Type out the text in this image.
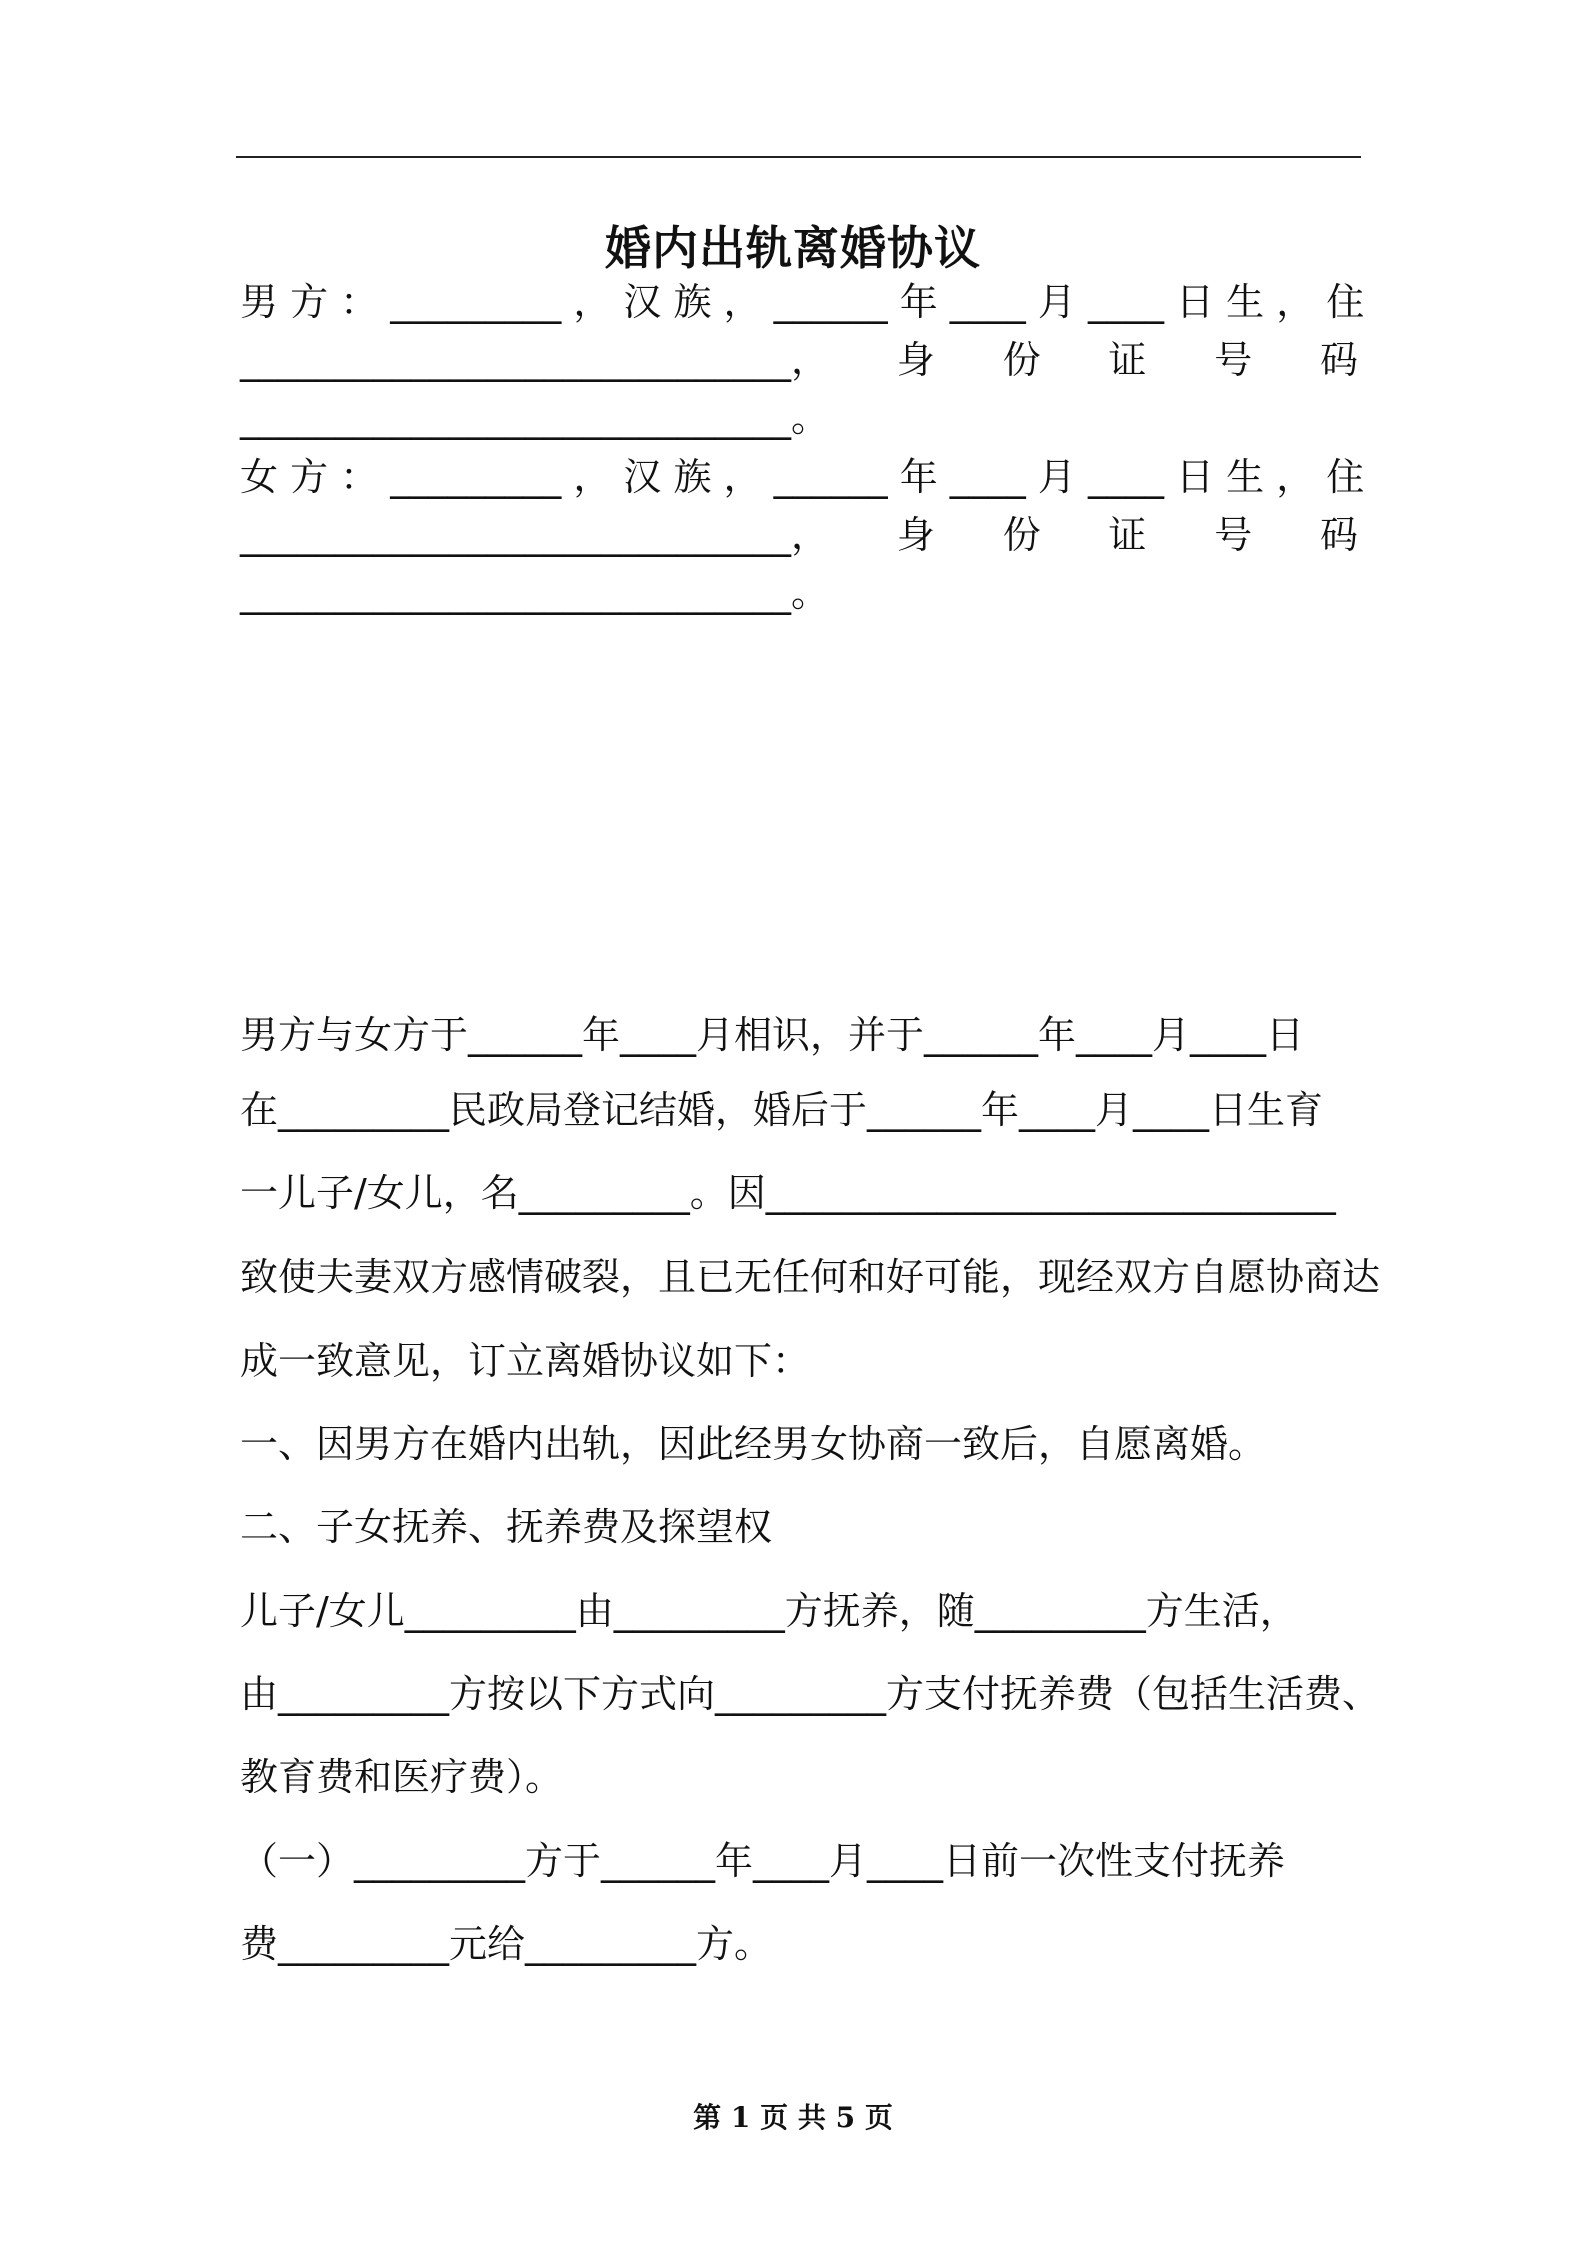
婚内出轨离婚协议
男 方 ： _________ ， 汉 族 ， ______ 年 ____ 月 ____ 日 生 ， 住
_____________________________， 身 份 证 号 码
_____________________________。
女 方 ： _________ ， 汉 族 ， ______ 年 ____ 月 ____ 日 生 ， 住
_____________________________， 身 份 证 号 码
_____________________________。
男方与女方于______年____月相识，并于______年____月____日
在_________民政局登记结婚，婚后于______年____月____日生育
一儿子/女儿，名_________。因______________________________
致使夫妻双方感情破裂，且已无任何和好可能，现经双方自愿协商达
成一致意见，订立离婚协议如下：
一、因男方在婚内出轨，因此经男女协商一致后，自愿离婚。
二、子女抚养、抚养费及探望权
儿子/女儿_________由_________方抚养，随_________方生活，
由_________方按以下方式向_________方支付抚养费（包括生活费、
教育费和医疗费）。
（一）_________方于______年____月____日前一次性支付抚养
费_________元给_________方。
第 1 页 共 5 页
